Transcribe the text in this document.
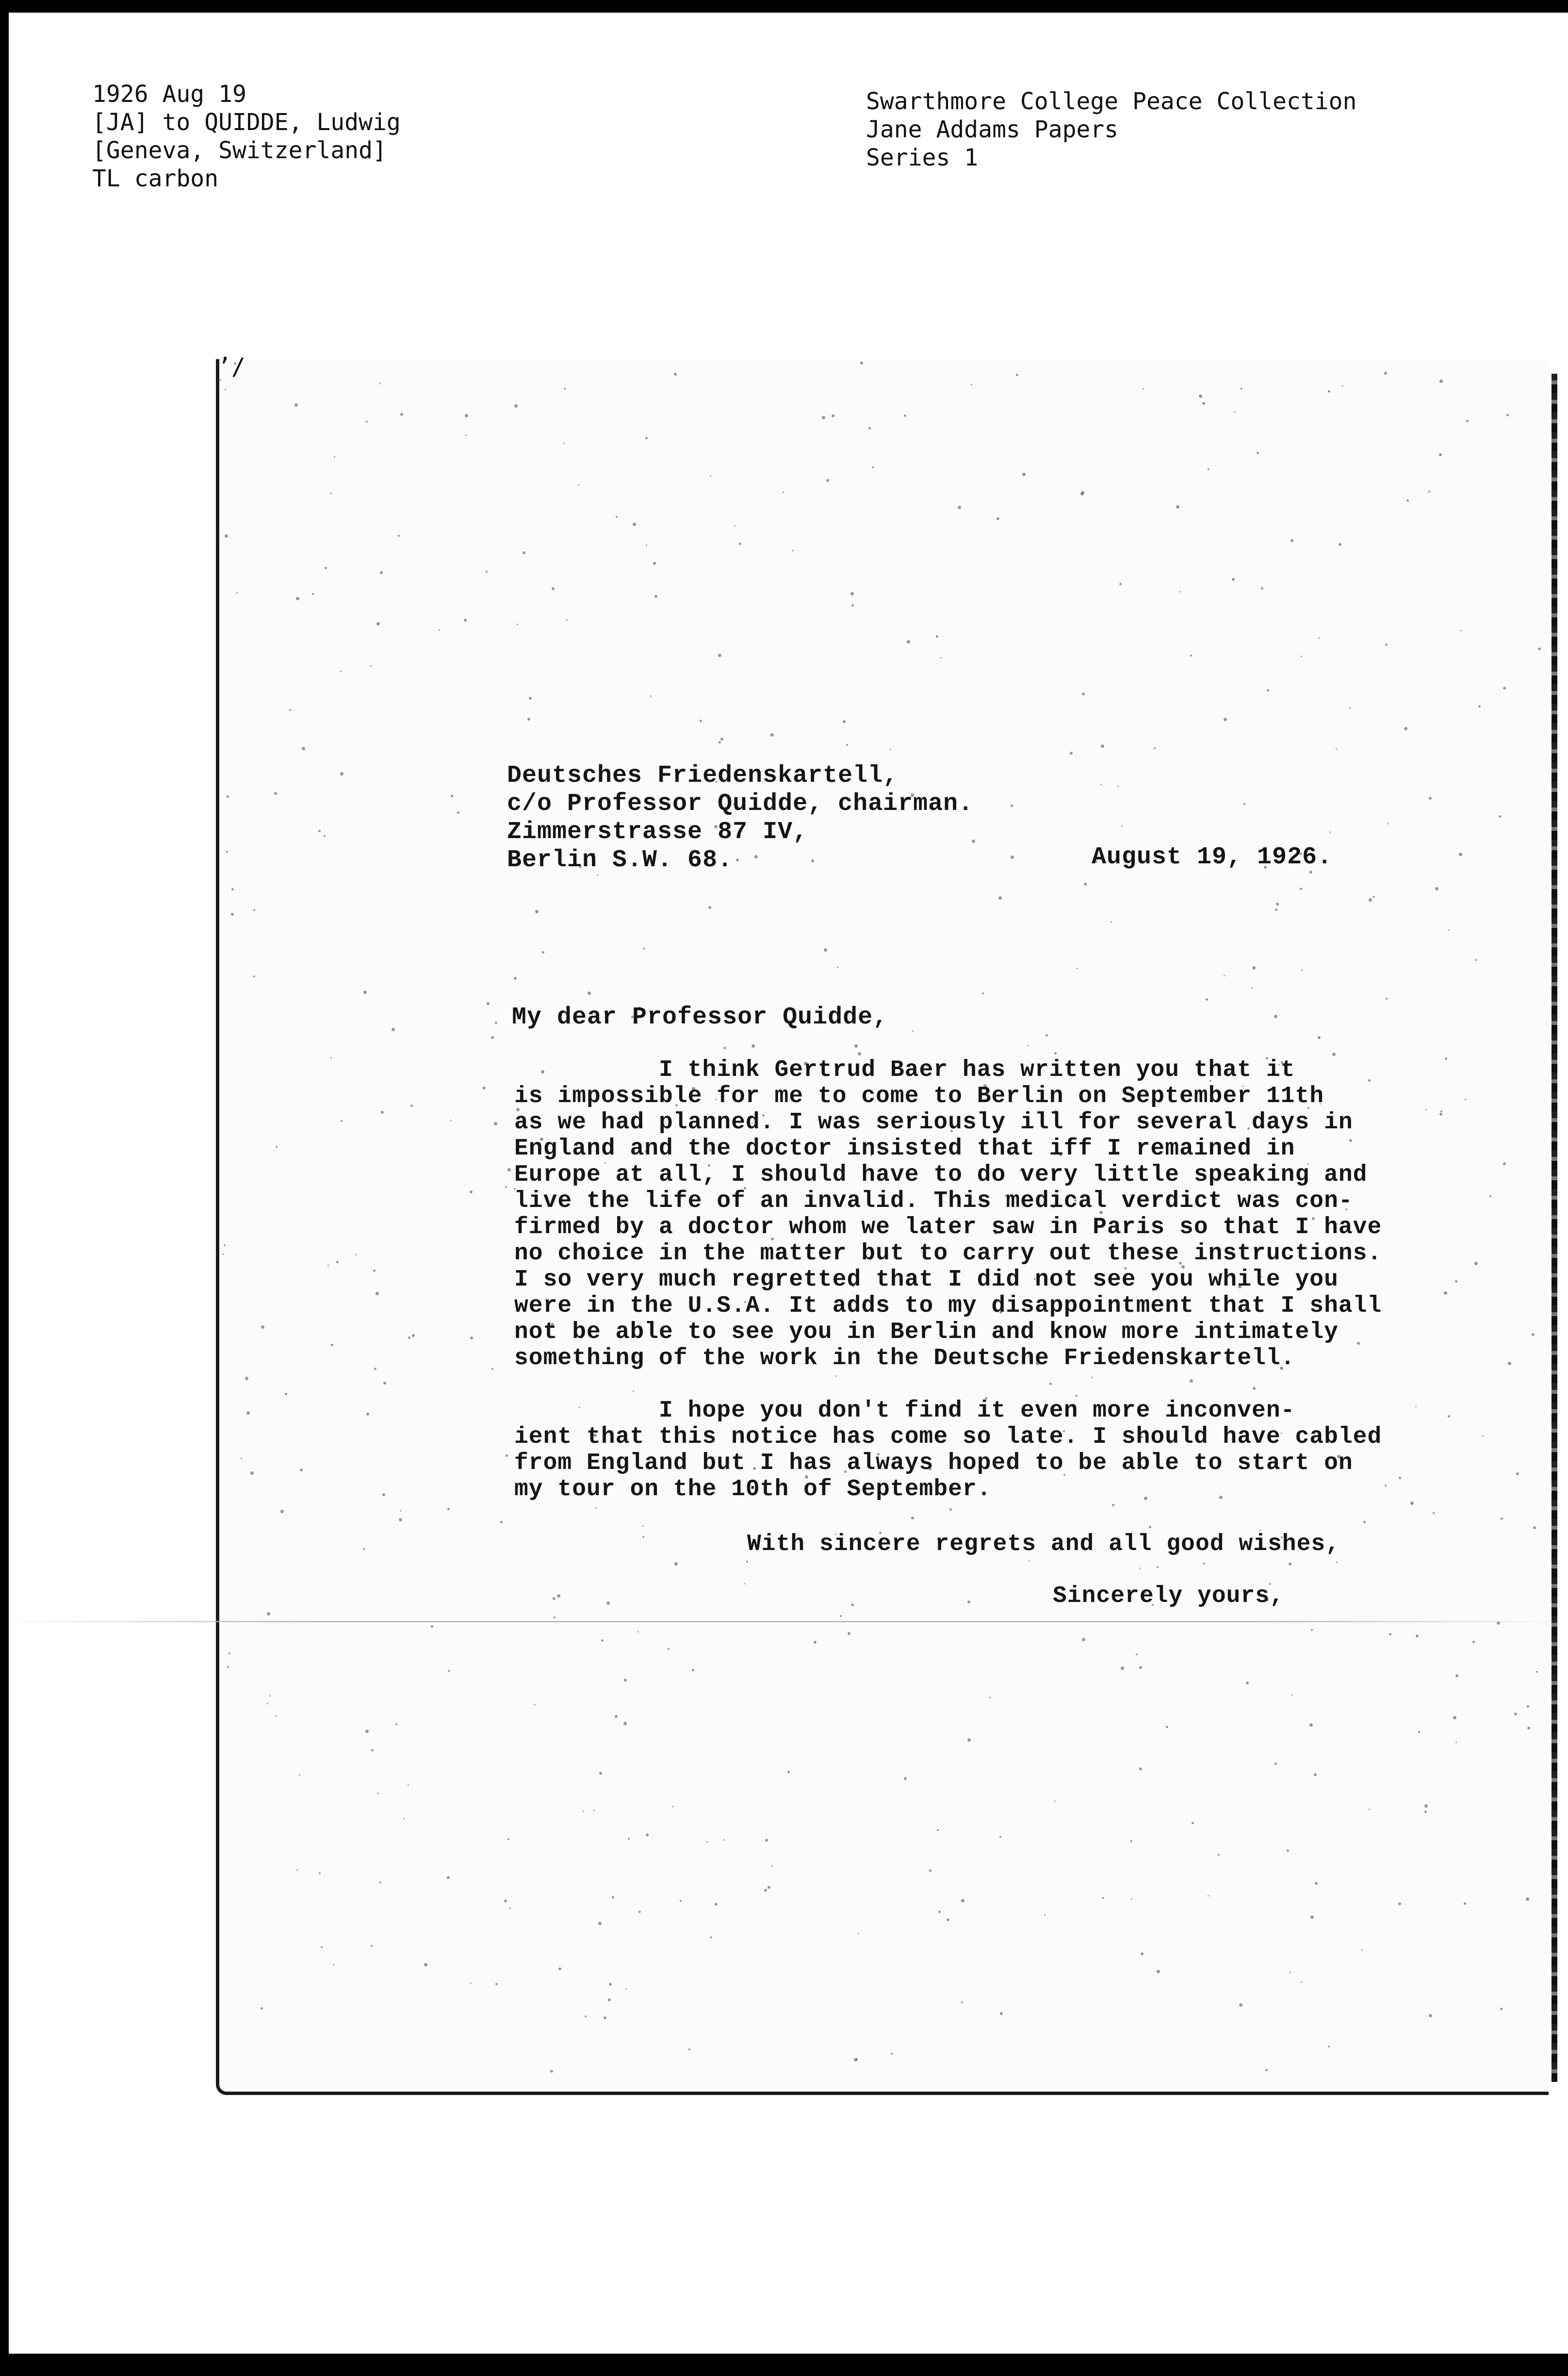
1926 Aug 19
[JA] to QUIDDE, Ludwig
[Geneva, Switzerland]
TL carbon
Swarthmore College Peace Collection
Jane Addams Papers
Series 1
ʼ/
Deutsches Friedenskartell,
c/o Professor Quidde, chairman.
Zimmerstrasse 87 IV,
Berlin S.W. 68.	August 19, 1926.
My dear Professor Quidde,
I think Gertrud Baer has written you that it
is impossible for me to come to Berlin on September 11th
as we had planned. I was seriously ill for several days in
England and the doctor insisted that iff I remained in
Europe at all, I should have to do very little speaking and
live the life of an invalid. This medical verdict was con-
firmed by a doctor whom we later saw in Paris so that I have
no choice in the matter but to carry out these instructions.
I so very much regretted that I did not see you while you
were in the U.S.A. It adds to my disappointment that I shall
not be able to see you in Berlin and know more intimately
something of the work in the Deutsche Friedenskartell.
I hope you don't find it even more inconven-
ient that this notice has come so late. I should have cabled
from England but I has always hoped to be able to start on
my tour on the 10th of September.
With sincere regrets and all good wishes,
Sincerely yours,
